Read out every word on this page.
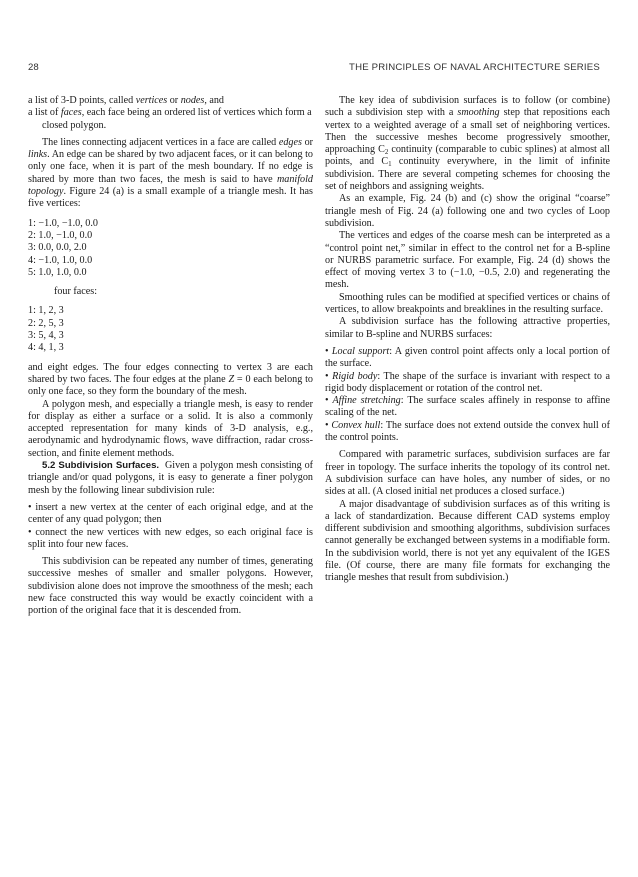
28	THE PRINCIPLES OF NAVAL ARCHITECTURE SERIES

a list of 3-D points, called vertices or nodes, and

a list of faces, each face being an ordered list of vertices which form a closed polygon.

The lines connecting adjacent vertices in a face are called edges or links. An edge can be shared by two adjacent faces, or it can belong to only one face, when it is part of the mesh boundary. If no edge is shared by more than two faces, the mesh is said to have manifold topology. Figure 24 (a) is a small example of a triangle mesh. It has five vertices:

1: −1.0, −1.0, 0.0

2: 1.0, −1.0, 0.0

3: 0.0, 0.0, 2.0

4: −1.0, 1.0, 0.0

5: 1.0, 1.0, 0.0

four faces:

1: 1, 2, 3

2: 2, 5, 3

3: 5, 4, 3

4: 4, 1, 3

and eight edges. The four edges connecting to vertex 3 are each shared by two faces. The four edges at the plane Z = 0 each belong to only one face, so they form the boundary of the mesh.

A polygon mesh, and especially a triangle mesh, is easy to render for display as either a surface or a solid. It is also a commonly accepted representation for many kinds of 3-D analysis, e.g., aerodynamic and hydrodynamic flows, wave diffraction, radar cross-section, and finite element methods.

5.2 Subdivision Surfaces. Given a polygon mesh consisting of triangle and/or quad polygons, it is easy to generate a finer polygon mesh by the following linear subdivision rule:

• insert a new vertex at the center of each original edge, and at the center of any quad polygon; then

• connect the new vertices with new edges, so each original face is split into four new faces.

This subdivision can be repeated any number of times, generating successive meshes of smaller and smaller polygons. However, subdivision alone does not improve the smoothness of the mesh; each new face constructed this way would be exactly coincident with a portion of the original face that it is descended from.

The key idea of subdivision surfaces is to follow (or combine) such a subdivision step with a smoothing step that repositions each vertex to a weighted average of a small set of neighboring vertices. Then the successive meshes become progressively smoother, approaching $C_2$ continuity (comparable to cubic splines) at almost all points, and $C_1$ continuity everywhere, in the limit of infinite subdivision. There are several competing schemes for choosing the set of neighbors and assigning weights.

As an example, Fig. 24 (b) and (c) show the original “coarse” triangle mesh of Fig. 24 (a) following one and two cycles of Loop subdivision.

The vertices and edges of the coarse mesh can be interpreted as a “control point net,” similar in effect to the control net for a B-spline or NURBS parametric surface. For example, Fig. 24 (d) shows the effect of moving vertex 3 to (−1.0, −0.5, 2.0) and regenerating the mesh.

Smoothing rules can be modified at specified vertices or chains of vertices, to allow breakpoints and breaklines in the resulting surface.

A subdivision surface has the following attractive properties, similar to B-spline and NURBS surfaces:

• Local support: A given control point affects only a local portion of the surface.

• Rigid body: The shape of the surface is invariant with respect to a rigid body displacement or rotation of the control net.

• Affine stretching: The surface scales affinely in response to affine scaling of the net.

• Convex hull: The surface does not extend outside the convex hull of the control points.

Compared with parametric surfaces, subdivision surfaces are far freer in topology. The surface inherits the topology of its control net. A subdivision surface can have holes, any number of sides, or no sides at all. (A closed initial net produces a closed surface.)

A major disadvantage of subdivision surfaces as of this writing is a lack of standardization. Because different CAD systems employ different subdivision and smoothing algorithms, subdivision surfaces cannot generally be exchanged between systems in a modifiable form. In the subdivision world, there is not yet any equivalent of the IGES file. (Of course, there are many file formats for exchanging the triangle meshes that result from subdivision.)
